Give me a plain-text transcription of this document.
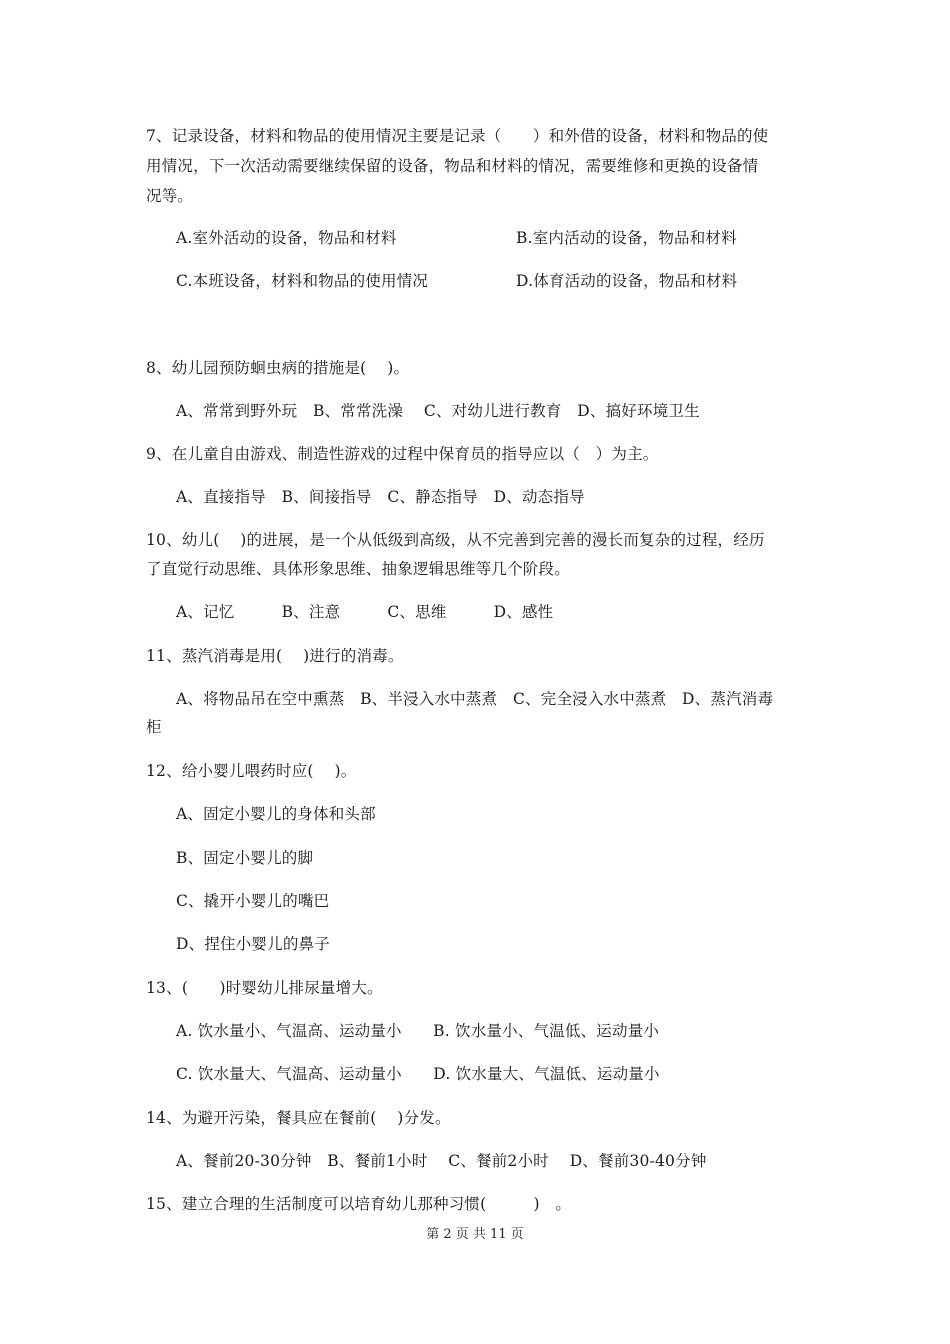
7、记录设备，材料和物品的使用情况主要是记录（　　）和外借的设备，材料和物品的使
用情况，下一次活动需要继续保留的设备，物品和材料的情况，需要维修和更换的设备情
况等。
A.室外活动的设备，物品和材料	B.室内活动的设备，物品和材料
C.本班设备，材料和物品的使用情况	D.体育活动的设备，物品和材料
8、幼儿园预防蛔虫病的措施是(　 )。
A、常常到野外玩　B、常常洗澡　 C、对幼儿进行教育　D、搞好环境卫生
9、在儿童自由游戏、制造性游戏的过程中保育员的指导应以（　）为主。
A、直接指导　B、间接指导　C、静态指导　D、动态指导
10、幼儿(　 )的进展，是一个从低级到高级，从不完善到完善的漫长而复杂的过程，经历
了直觉行动思维、具体形象思维、抽象逻辑思维等几个阶段。
A、记忆　　　B、注意　　　C、思维　　　D、感性
11、蒸汽消毒是用(　 )进行的消毒。
A、将物品吊在空中熏蒸　B、半浸入水中蒸煮　C、完全浸入水中蒸煮　D、蒸汽消毒
柜
12、给小婴儿喂药时应(　 )。
A、固定小婴儿的身体和头部
B、固定小婴儿的脚
C、撬开小婴儿的嘴巴
D、捏住小婴儿的鼻子
13、(　　)时婴幼儿排尿量增大。
A. 饮水量小、气温高、运动量小　　B. 饮水量小、气温低、运动量小
C. 饮水量大、气温高、运动量小　　D. 饮水量大、气温低、运动量小
14、为避开污染，餐具应在餐前(　 )分发。
A、餐前20-30分钟　B、餐前1小时　 C、餐前2小时　 D、餐前30-40分钟
15、建立合理的生活制度可以培育幼儿那种习惯(　　　)　。
第 2 页 共 11 页
